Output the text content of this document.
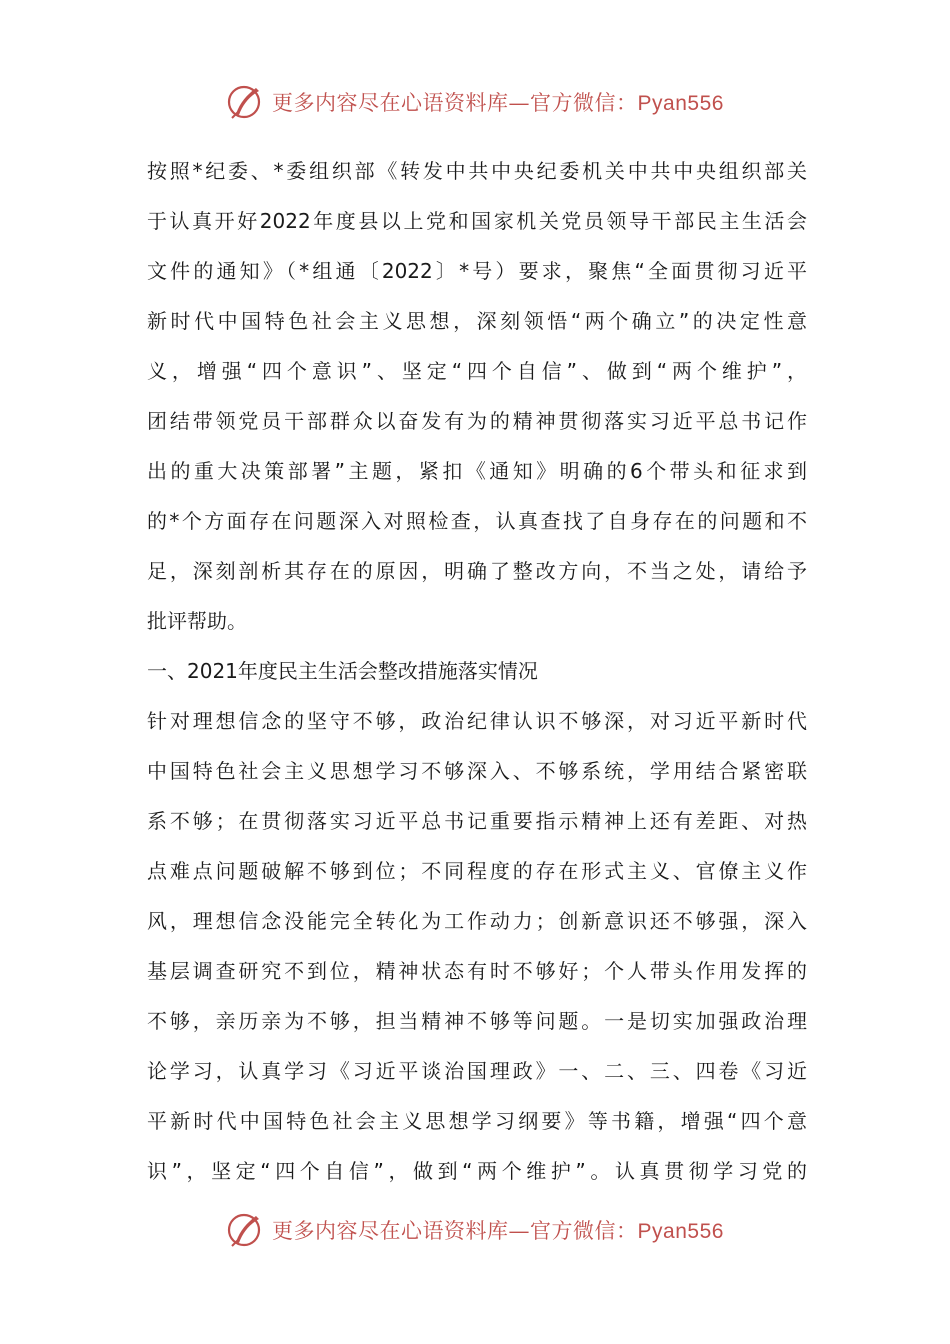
更多内容尽在心语资料库—官方微信：Pyan556
按照*纪委、*委组织部《转发中共中央纪委机关中共中央组织部关
于认真开好2022年度县以上党和国家机关党员领导干部民主生活会
文件的通知》（*组通〔2022〕*号）要求，聚焦“全面贯彻习近平
新时代中国特色社会主义思想，深刻领悟“两个确立”的决定性意
义，增强“四个意识”、坚定“四个自信”、做到“两个维护”，
团结带领党员干部群众以奋发有为的精神贯彻落实习近平总书记作
出的重大决策部署”主题，紧扣《通知》明确的6个带头和征求到
的*个方面存在问题深入对照检查，认真查找了自身存在的问题和不
足，深刻剖析其存在的原因，明确了整改方向，不当之处，请给予
批评帮助。
一、2021年度民主生活会整改措施落实情况
针对理想信念的坚守不够，政治纪律认识不够深，对习近平新时代
中国特色社会主义思想学习不够深入、不够系统，学用结合紧密联
系不够；在贯彻落实习近平总书记重要指示精神上还有差距、对热
点难点问题破解不够到位；不同程度的存在形式主义、官僚主义作
风，理想信念没能完全转化为工作动力；创新意识还不够强，深入
基层调查研究不到位，精神状态有时不够好；个人带头作用发挥的
不够，亲历亲为不够，担当精神不够等问题。一是切实加强政治理
论学习，认真学习《习近平谈治国理政》一、二、三、四卷《习近
平新时代中国特色社会主义思想学习纲要》等书籍，增强“四个意
识”，坚定“四个自信”，做到“两个维护”。认真贯彻学习党的
更多内容尽在心语资料库—官方微信：Pyan556
